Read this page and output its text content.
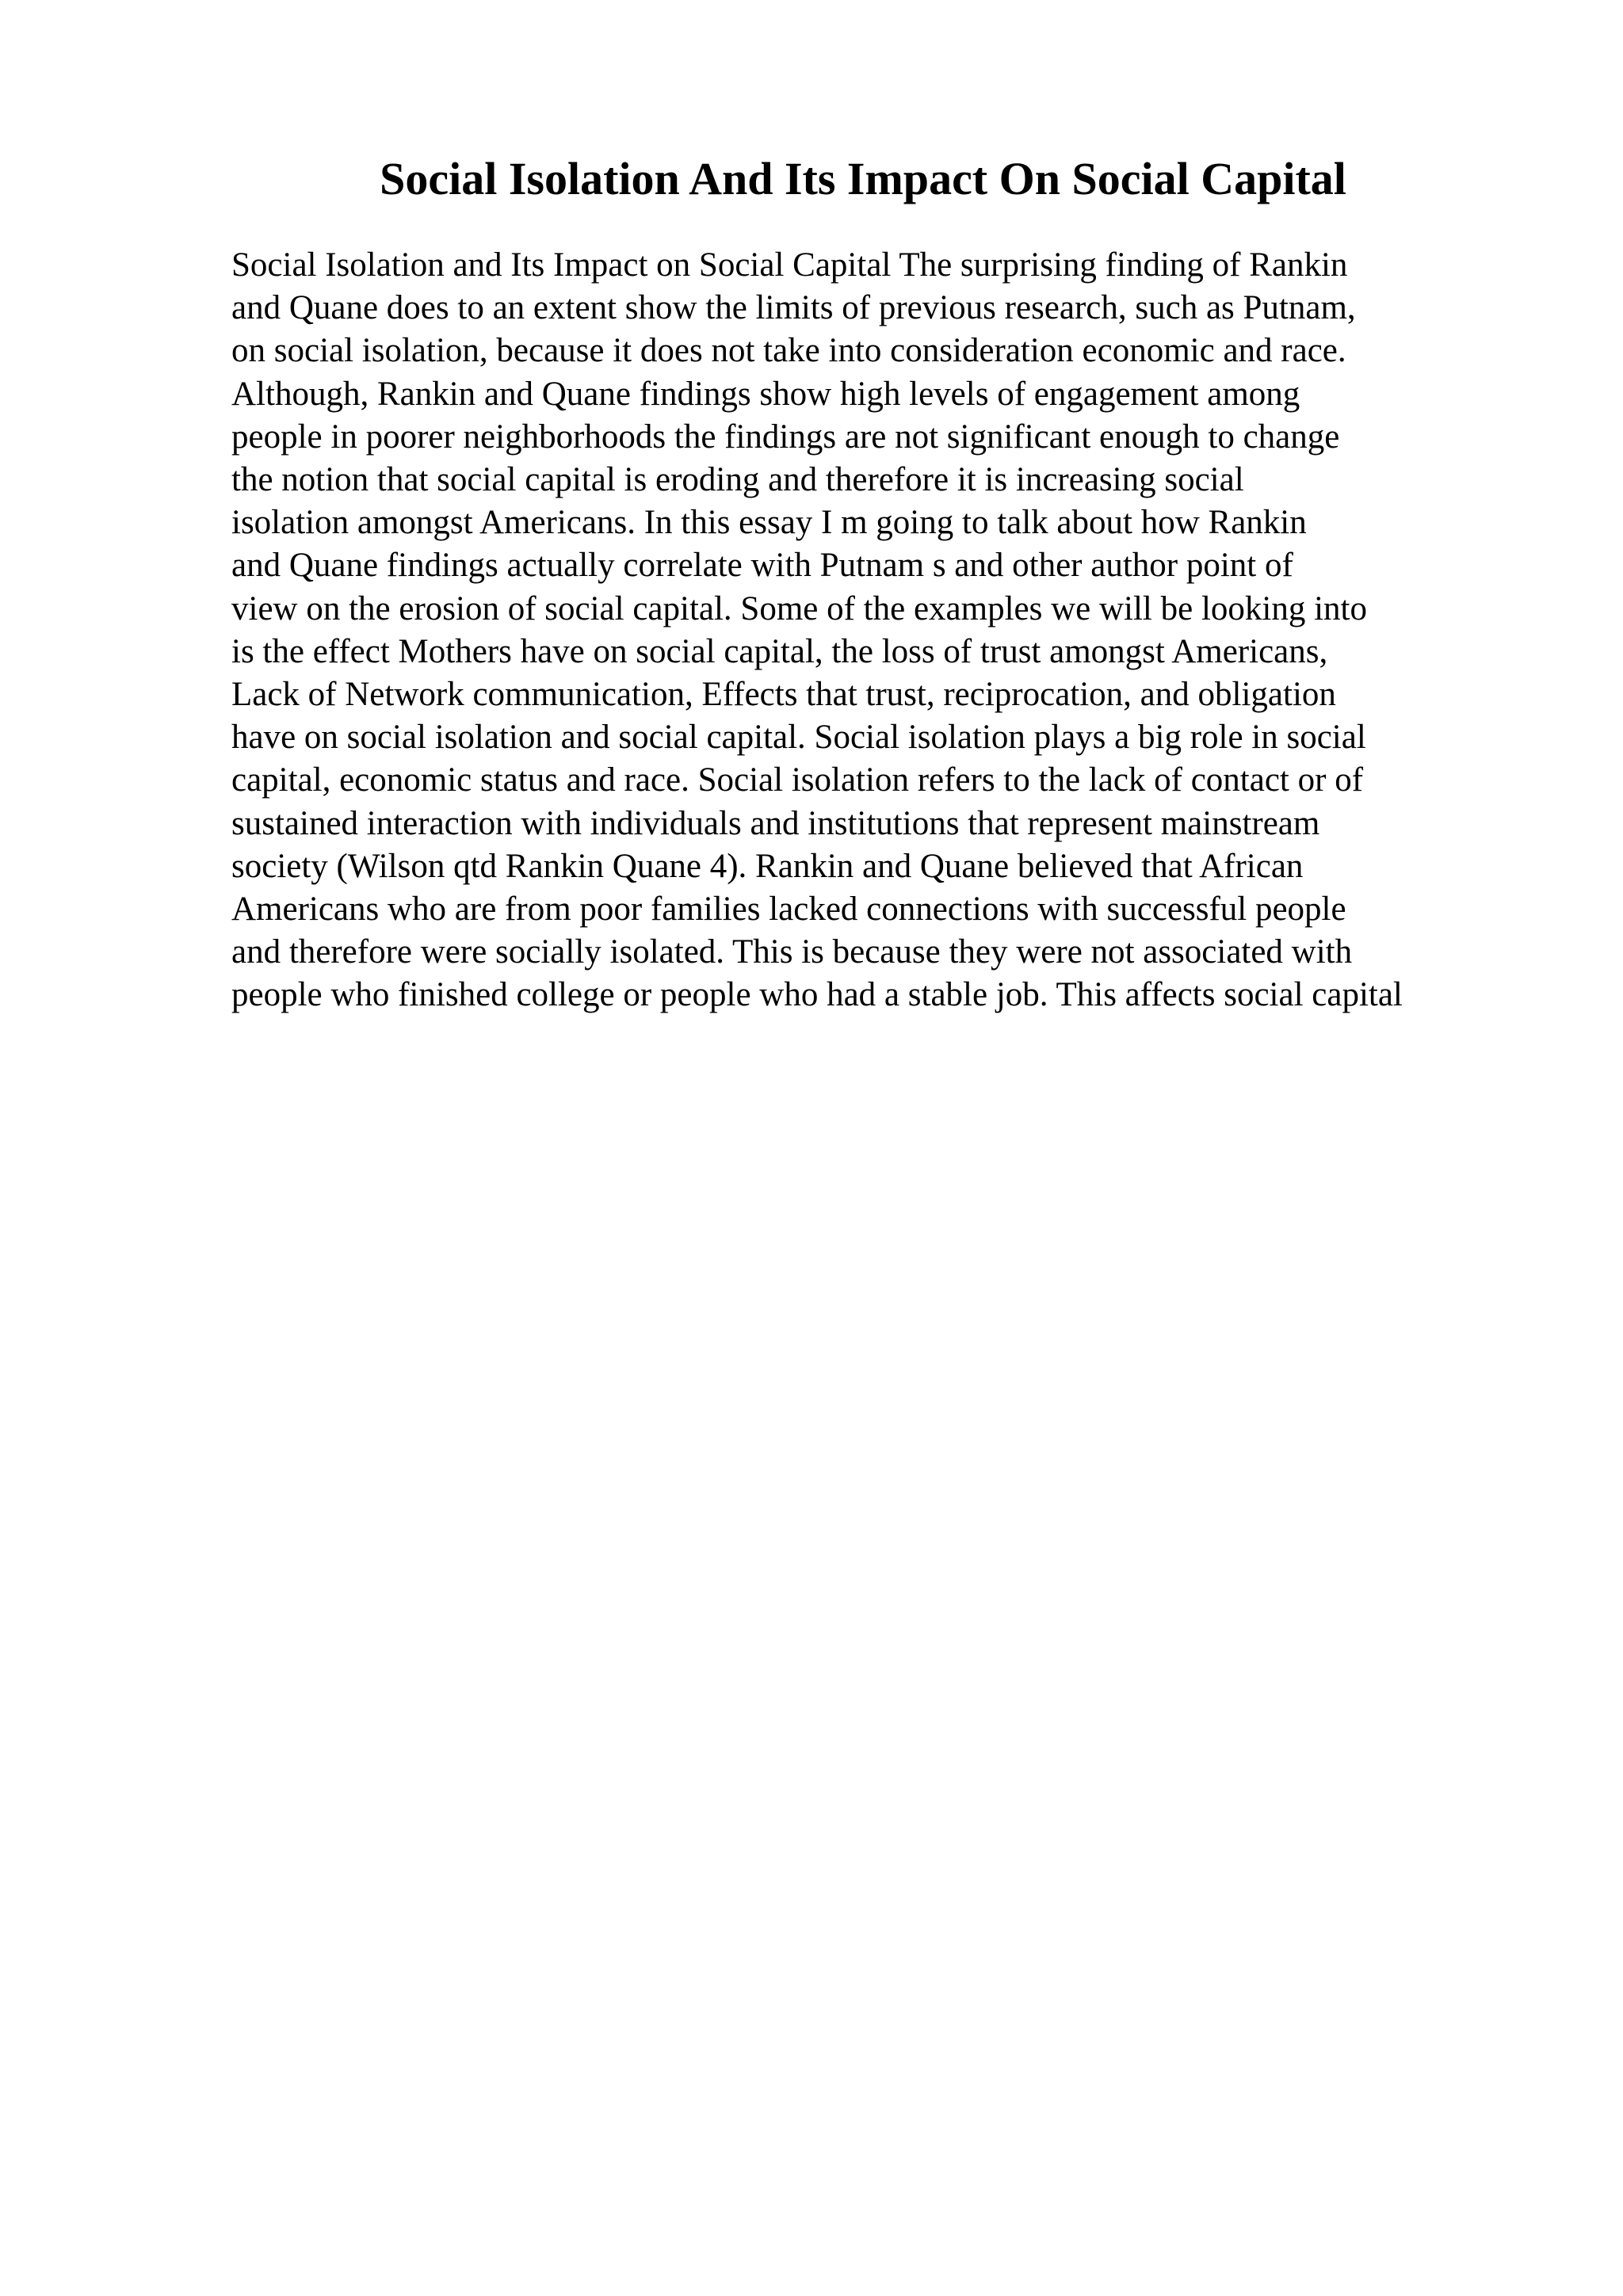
Social Isolation And Its Impact On Social Capital
Social Isolation and Its Impact on Social Capital The surprising finding of Rankin
and Quane does to an extent show the limits of previous research, such as Putnam,
on social isolation, because it does not take into consideration economic and race.
Although, Rankin and Quane findings show high levels of engagement among
people in poorer neighborhoods the findings are not significant enough to change
the notion that social capital is eroding and therefore it is increasing social
isolation amongst Americans. In this essay I m going to talk about how Rankin
and Quane findings actually correlate with Putnam s and other author point of
view on the erosion of social capital. Some of the examples we will be looking into
is the effect Mothers have on social capital, the loss of trust amongst Americans,
Lack of Network communication, Effects that trust, reciprocation, and obligation
have on social isolation and social capital. Social isolation plays a big role in social
capital, economic status and race. Social isolation refers to the lack of contact or of
sustained interaction with individuals and institutions that represent mainstream
society (Wilson qtd Rankin Quane 4). Rankin and Quane believed that African
Americans who are from poor families lacked connections with successful people
and therefore were socially isolated. This is because they were not associated with
people who finished college or people who had a stable job. This affects social capital
